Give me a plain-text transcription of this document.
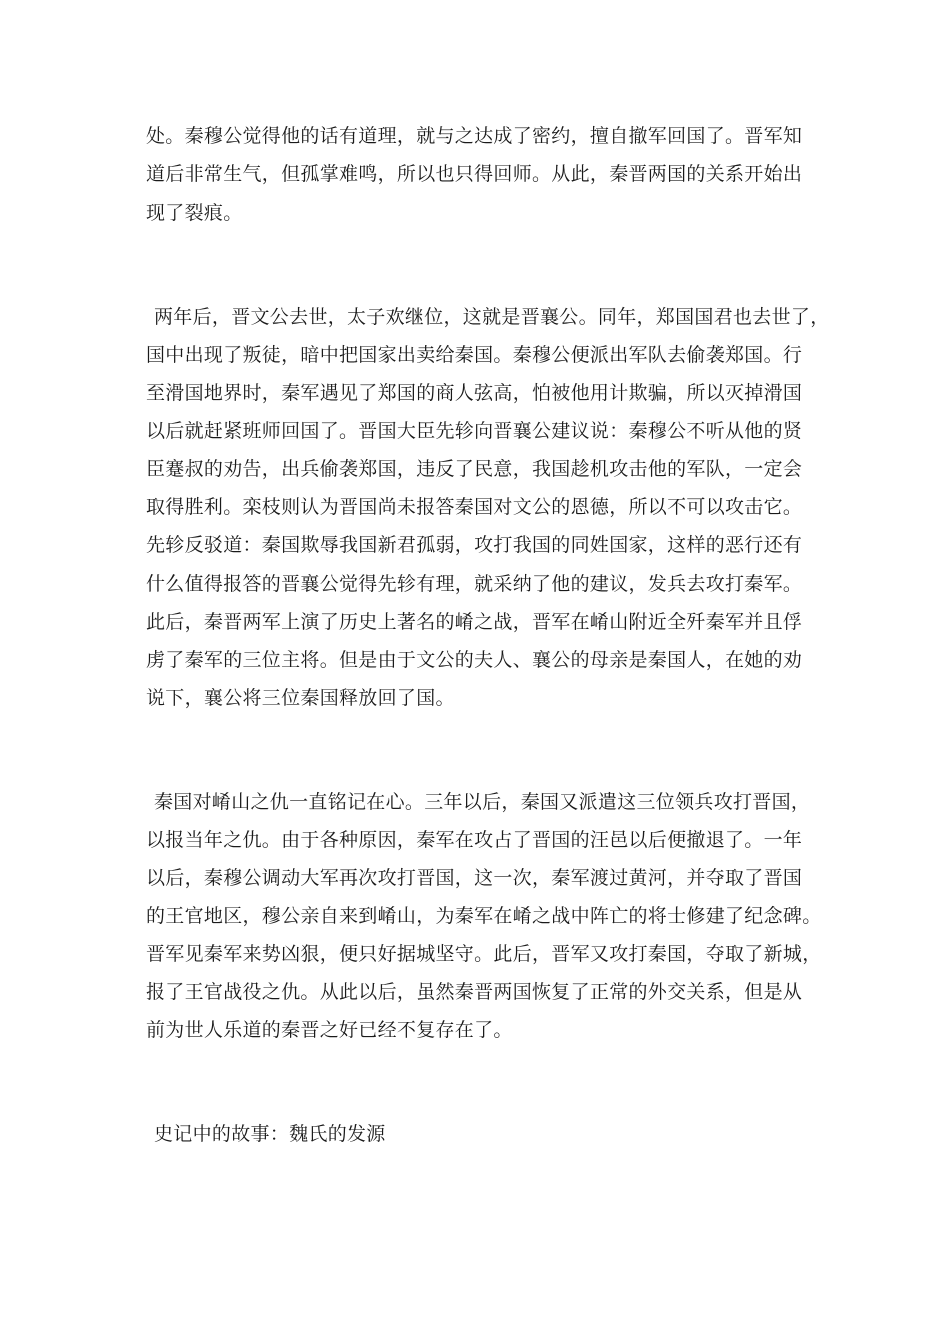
处。秦穆公觉得他的话有道理，就与之达成了密约，擅自撤军回国了。晋军知

道后非常生气，但孤掌难鸣，所以也只得回师。从此，秦晋两国的关系开始出

现了裂痕。

两年后，晋文公去世，太子欢继位，这就是晋襄公。同年，郑国国君也去世了，

国中出现了叛徒，暗中把国家出卖给秦国。秦穆公便派出军队去偷袭郑国。行

至滑国地界时，秦军遇见了郑国的商人弦高，怕被他用计欺骗，所以灭掉滑国

以后就赶紧班师回国了。晋国大臣先轸向晋襄公建议说：秦穆公不听从他的贤

臣蹇叔的劝告，出兵偷袭郑国，违反了民意，我国趁机攻击他的军队，一定会

取得胜利。栾枝则认为晋国尚未报答秦国对文公的恩德，所以不可以攻击它。

先轸反驳道：秦国欺辱我国新君孤弱，攻打我国的同姓国家，这样的恶行还有

什么值得报答的晋襄公觉得先轸有理，就采纳了他的建议，发兵去攻打秦军。

此后，秦晋两军上演了历史上著名的崤之战，晋军在崤山附近全歼秦军并且俘

虏了秦军的三位主将。但是由于文公的夫人、襄公的母亲是秦国人，在她的劝

说下，襄公将三位秦国释放回了国。

秦国对崤山之仇一直铭记在心。三年以后，秦国又派遣这三位领兵攻打晋国，

以报当年之仇。由于各种原因，秦军在攻占了晋国的汪邑以后便撤退了。一年

以后，秦穆公调动大军再次攻打晋国，这一次，秦军渡过黄河，并夺取了晋国

的王官地区，穆公亲自来到崤山，为秦军在崤之战中阵亡的将士修建了纪念碑。

晋军见秦军来势凶狠，便只好据城坚守。此后，晋军又攻打秦国，夺取了新城，

报了王官战役之仇。从此以后，虽然秦晋两国恢复了正常的外交关系，但是从

前为世人乐道的秦晋之好已经不复存在了。

史记中的故事：魏氏的发源
